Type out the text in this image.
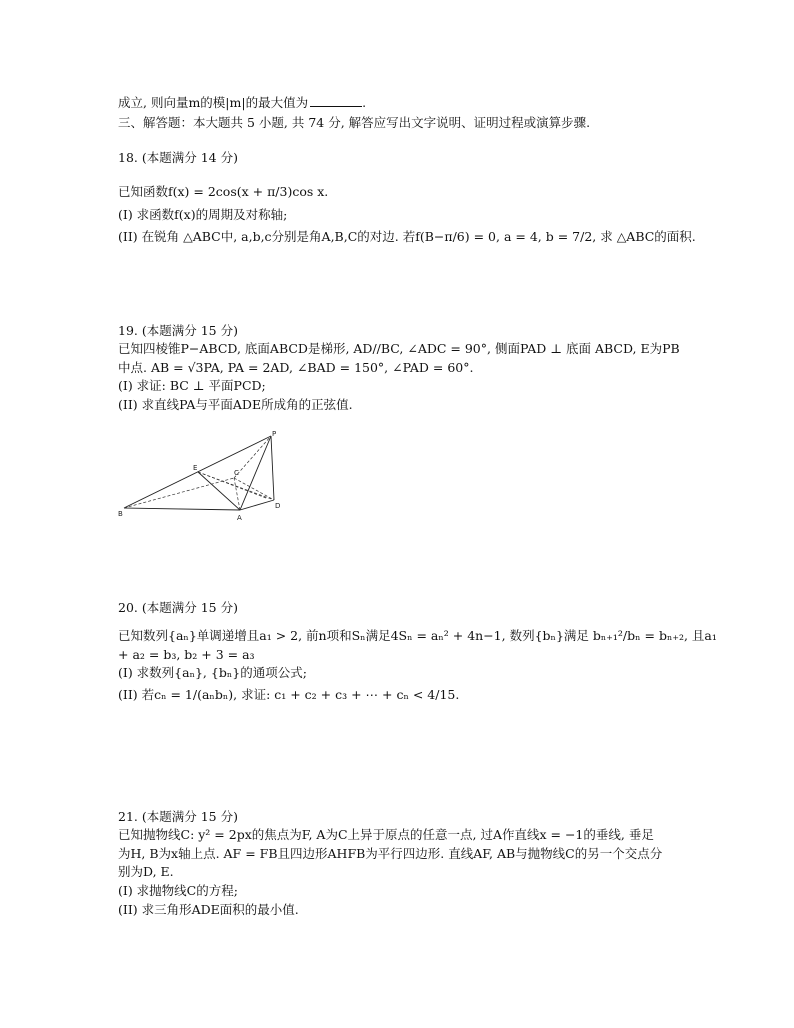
成立, 则向量m的模|m|的最大值为	.
三、解答题：本大题共 5 小题, 共 74 分, 解答应写出文字说明、证明过程或演算步骤.
18. (本题满分 14 分)
已知函数f(x) = 2cos(x + π/3)cos x.
(I) 求函数f(x)的周期及对称轴;
(II) 在锐角 △ABC中, a,b,c分别是角A,B,C的对边. 若f(B−π/6) = 0, a = 4, b = 7/2, 求 △ABC的面积.
19. (本题满分 15 分)
已知四棱锥P−ABCD, 底面ABCD是梯形, AD//BC, ∠ADC = 90°, 侧面PAD ⊥ 底面 ABCD, E为PB
中点. AB = √3PA, PA = 2AD, ∠BAD = 150°, ∠PAD = 60°.
(I) 求证: BC ⊥ 平面PCD;
(II) 求直线PA与平面ADE所成角的正弦值.
P
E
C
B	A
D
20. (本题满分 15 分)
已知数列{aₙ}单调递增且a₁ > 2, 前n项和Sₙ满足4Sₙ = aₙ² + 4n−1, 数列{bₙ}满足 bₙ₊₁²/bₙ = bₙ₊₂, 且a₁
+ a₂ = b₃, b₂ + 3 = a₃
(I) 求数列{aₙ}, {bₙ}的通项公式;
(II) 若cₙ = 1/(aₙbₙ), 求证: c₁ + c₂ + c₃ + ⋯ + cₙ < 4/15.
21. (本题满分 15 分)
已知抛物线C: y² = 2px的焦点为F, A为C上异于原点的任意一点, 过A作直线x = −1的垂线, 垂足
为H, B为x轴上点. AF = FB且四边形AHFB为平行四边形. 直线AF, AB与抛物线C的另一个交点分
别为D, E.
(I) 求抛物线C的方程;
(II) 求三角形ADE面积的最小值.
